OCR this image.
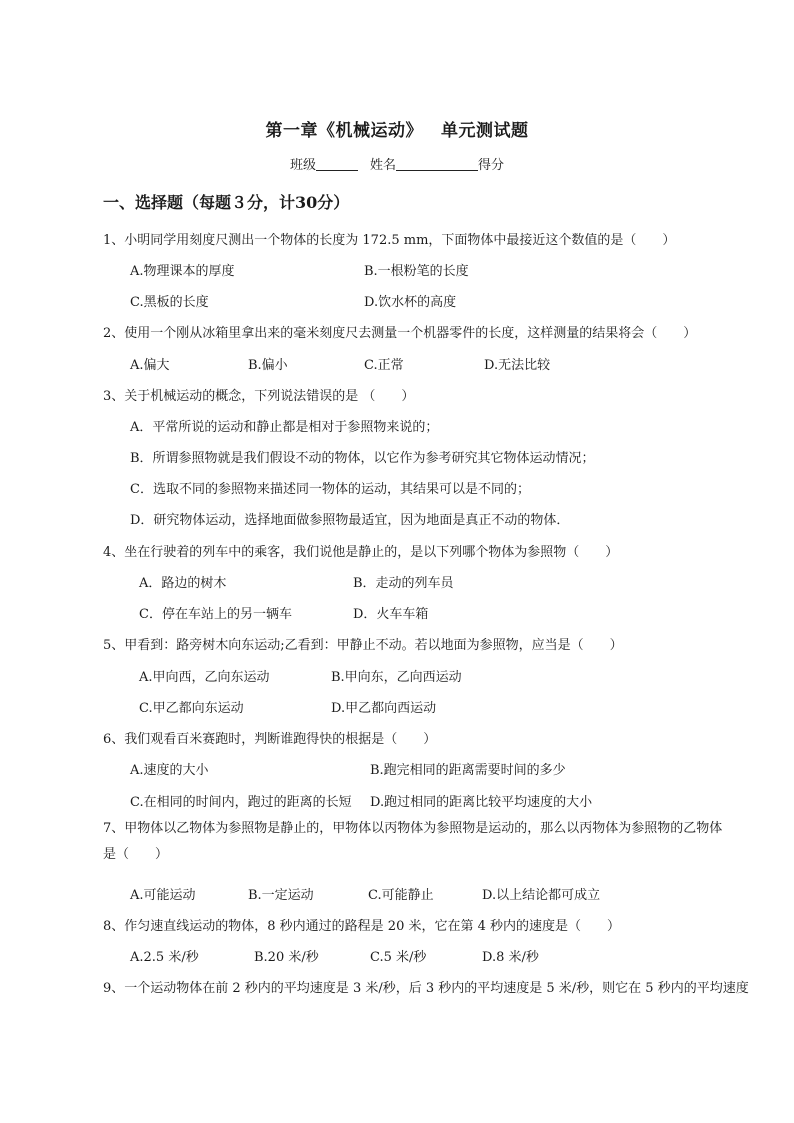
第一章《机械运动》 单元测试题
班级	姓名	得分
一、选择题（每题３分，计30分）
1、小明同学用刻度尺测出一个物体的长度为 172.5 mm，下面物体中最接近这个数值的是（　　）
A.物理课本的厚度	B.一根粉笔的长度
C.黑板的长度	D.饮水杯的高度
2、使用一个刚从冰箱里拿出来的毫米刻度尺去测量一个机器零件的长度，这样测量的结果将会（　　）
A.偏大	B.偏小	C.正常	D.无法比较
3、关于机械运动的概念，下列说法错误的是 （　　）
A．平常所说的运动和静止都是相对于参照物来说的；
B．所谓参照物就是我们假设不动的物体，以它作为参考研究其它物体运动情况；
C．选取不同的参照物来描述同一物体的运动，其结果可以是不同的；
D．研究物体运动，选择地面做参照物最适宜，因为地面是真正不动的物体．
4、坐在行驶着的列车中的乘客，我们说他是静止的，是以下列哪个物体为参照物（　　）
A．路边的树木	B．走动的列车员
C．停在车站上的另一辆车	D．火车车箱
5、甲看到：路旁树木向东运动;乙看到：甲静止不动。若以地面为参照物，应当是（　　）
A.甲向西，乙向东运动	B.甲向东，乙向西运动
C.甲乙都向东运动	D.甲乙都向西运动
6、我们观看百米赛跑时，判断谁跑得快的根据是（　　）
A.速度的大小	B.跑完相同的距离需要时间的多少
C.在相同的时间内，跑过的距离的长短 D.跑过相同的距离比较平均速度的大小
7、甲物体以乙物体为参照物是静止的，甲物体以丙物体为参照物是运动的，那么以丙物体为参照物的乙物体是（　　）
A.可能运动	B.一定运动	C.可能静止	D.以上结论都可成立
8、作匀速直线运动的物体，8 秒内通过的路程是 20 米，它在第 4 秒内的速度是（　　）
A.2.5 米/秒	B.20 米/秒	C.5 米/秒	D.8 米/秒
9、一个运动物体在前 2 秒内的平均速度是 3 米/秒，后 3 秒内的平均速度是 5 米/秒，则它在 5 秒内的平均速度
